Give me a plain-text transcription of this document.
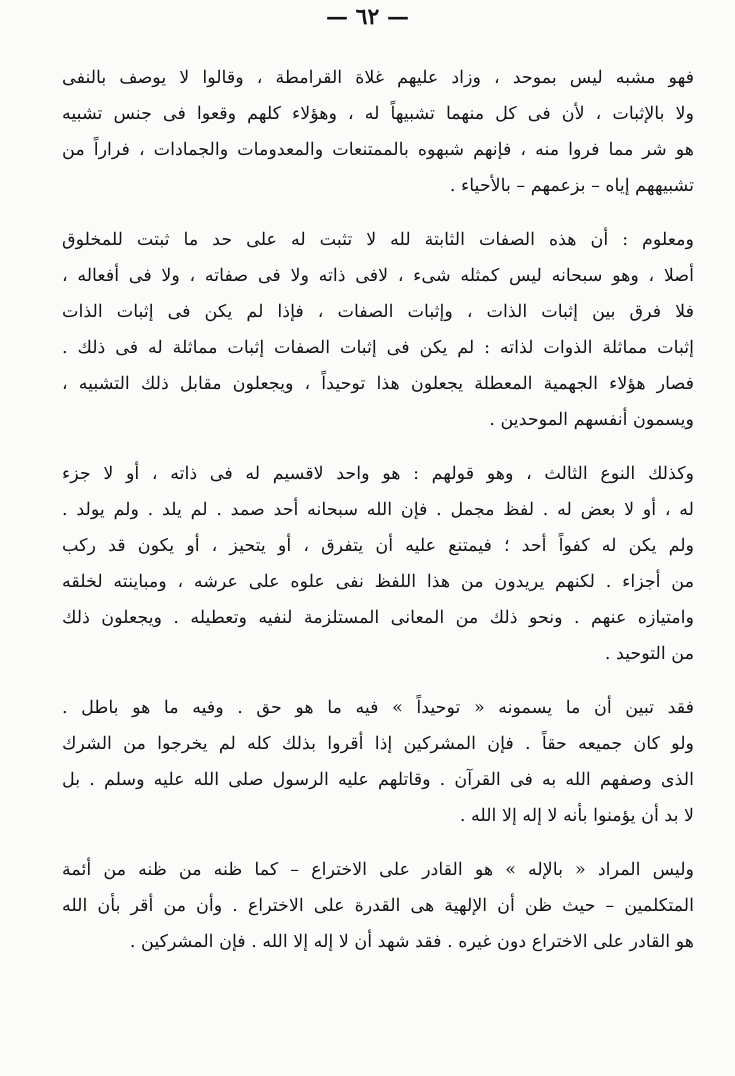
— ٦٢ —
فهو مشبه ليس بموحد ، وزاد عليهم غلاة القرامطة ، وقالوا لا يوصف بالنفى
ولا بالإثبات ، لأن فى كل منهما تشبيهاً له ، وهؤلاء كلهم وقعوا فى جنس تشبيه
هو شر مما فروا منه ، فإنهم شبهوه بالممتنعات والمعدومات والجمادات ، فراراً من
تشبيههم إياه – بزعمهم – بالأحياء .
ومعلوم : أن هذه الصفات الثابتة لله لا تثبت له على حد ما ثبتت للمخلوق
أصلا ، وهو سبحانه ليس كمثله شىء ، لافى ذاته ولا فى صفاته ، ولا فى أفعاله ،
فلا فرق بين إثبات الذات ، وإثبات الصفات ، فإذا لم يكن فى إثبات الذات
إثبات مماثلة الذوات لذاته : لم يكن فى إثبات الصفات إثبات مماثلة له فى ذلك .
فصار هؤلاء الجهمية المعطلة يجعلون هذا توحيداً ، ويجعلون مقابل ذلك التشبيه ،
ويسمون أنفسهم الموحدين .
وكذلك النوع الثالث ، وهو قولهم : هو واحد لاقسيم له فى ذاته ، أو لا جزء
له ، أو لا بعض له . لفظ مجمل . فإن الله سبحانه أحد صمد . لم يلد . ولم يولد .
ولم يكن له كفواً أحد ؛ فيمتنع عليه أن يتفرق ، أو يتحيز ، أو يكون قد ركب
من أجزاء . لكنهم يريدون من هذا اللفظ نفى علوه على عرشه ، ومباينته لخلقه
وامتيازه عنهم . ونحو ذلك من المعانى المستلزمة لنفيه وتعطيله . ويجعلون ذلك
من التوحيد .
فقد تبين أن ما يسمونه « توحيداً » فيه ما هو حق . وفيه ما هو باطل .
ولو كان جميعه حقاً . فإن المشركين إذا أقروا بذلك كله لم يخرجوا من الشرك
الذى وصفهم الله به فى القرآن . وقاتلهم عليه الرسول صلى الله عليه وسلم . بل
لا بد أن يؤمنوا بأنه لا إله إلا الله .
وليس المراد « بالإله » هو القادر على الاختراع – كما ظنه من ظنه من أئمة
المتكلمين – حيث ظن أن الإلهية هى القدرة على الاختراع . وأن من أقر بأن الله
هو القادر على الاختراع دون غيره . فقد شهد أن لا إله إلا الله . فإن المشركين .
